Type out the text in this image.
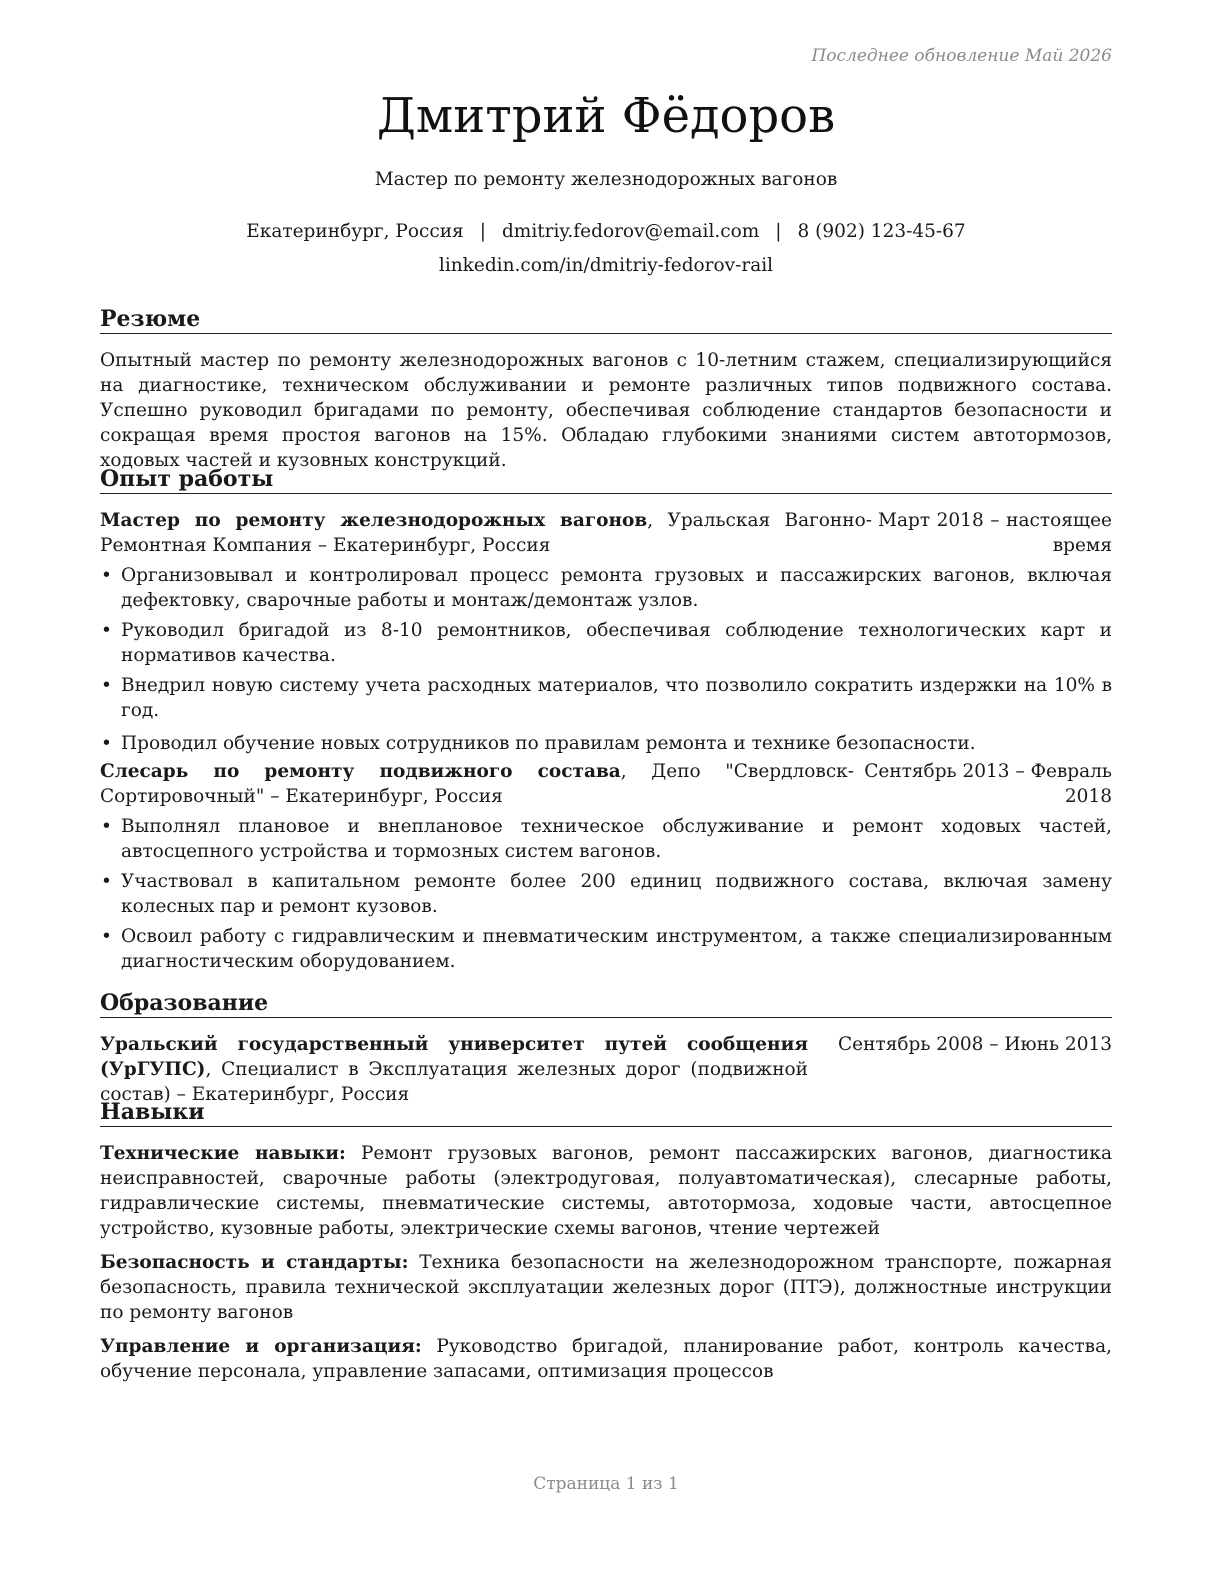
Последнее обновление Май 2026
Дмитрий Фёдоров
Мастер по ремонту железнодорожных вагонов
Екатеринбург, Россия | dmitriy.fedorov@email.com | 8 (902) 123-45-67
linkedin.com/in/dmitriy-fedorov-rail
Резюме

Опытный мастер по ремонту железнодорожных вагонов с 10-летним стажем, специализирующийся на диагностике, техническом обслуживании и ремонте различных типов подвижного состава. Успешно руководил бригадами по ремонту, обеспечивая соблюдение стандартов безопасности и сокращая время простоя вагонов на 15%. Обладаю глубокими знаниями систем автотормозов, ходовых частей и кузовных конструкций.

Опыт работы
Мастер по ремонту железнодорожных вагонов, Уральская Вагонно-Ремонтная Компания – Екатеринбург, Россия
Март 2018 – настоящее время
• Организовывал и контролировал процесс ремонта грузовых и пассажирских вагонов, включая дефектовку, сварочные работы и монтаж/демонтаж узлов.
• Руководил бригадой из 8-10 ремонтников, обеспечивая соблюдение технологических карт и нормативов качества.
• Внедрил новую систему учета расходных материалов, что позволило сократить издержки на 10% в год.
• Проводил обучение новых сотрудников по правилам ремонта и технике безопасности.
Слесарь по ремонту подвижного состава, Депо "Свердловск-Сортировочный" – Екатеринбург, Россия
Сентябрь 2013 – Февраль 2018
• Выполнял плановое и внеплановое техническое обслуживание и ремонт ходовых частей, автосцепного устройства и тормозных систем вагонов.
• Участвовал в капитальном ремонте более 200 единиц подвижного состава, включая замену колесных пар и ремонт кузовов.
• Освоил работу с гидравлическим и пневматическим инструментом, а также специализированным диагностическим оборудованием.
Образование
Уральский государственный университет путей сообщения (УрГУПС), Специалист в Эксплуатация железных дорог (подвижной состав) – Екатеринбург, Россия
Сентябрь 2008 – Июнь 2013
Навыки

Технические навыки: Ремонт грузовых вагонов, ремонт пассажирских вагонов, диагностика неисправностей, сварочные работы (электродуговая, полуавтоматическая), слесарные работы, гидравлические системы, пневматические системы, автотормоза, ходовые части, автосцепное устройство, кузовные работы, электрические схемы вагонов, чтение чертежей

Безопасность и стандарты: Техника безопасности на железнодорожном транспорте, пожарная безопасность, правила технической эксплуатации железных дорог (ПТЭ), должностные инструкции по ремонту вагонов

Управление и организация: Руководство бригадой, планирование работ, контроль качества, обучение персонала, управление запасами, оптимизация процессов

Страница 1 из 1
